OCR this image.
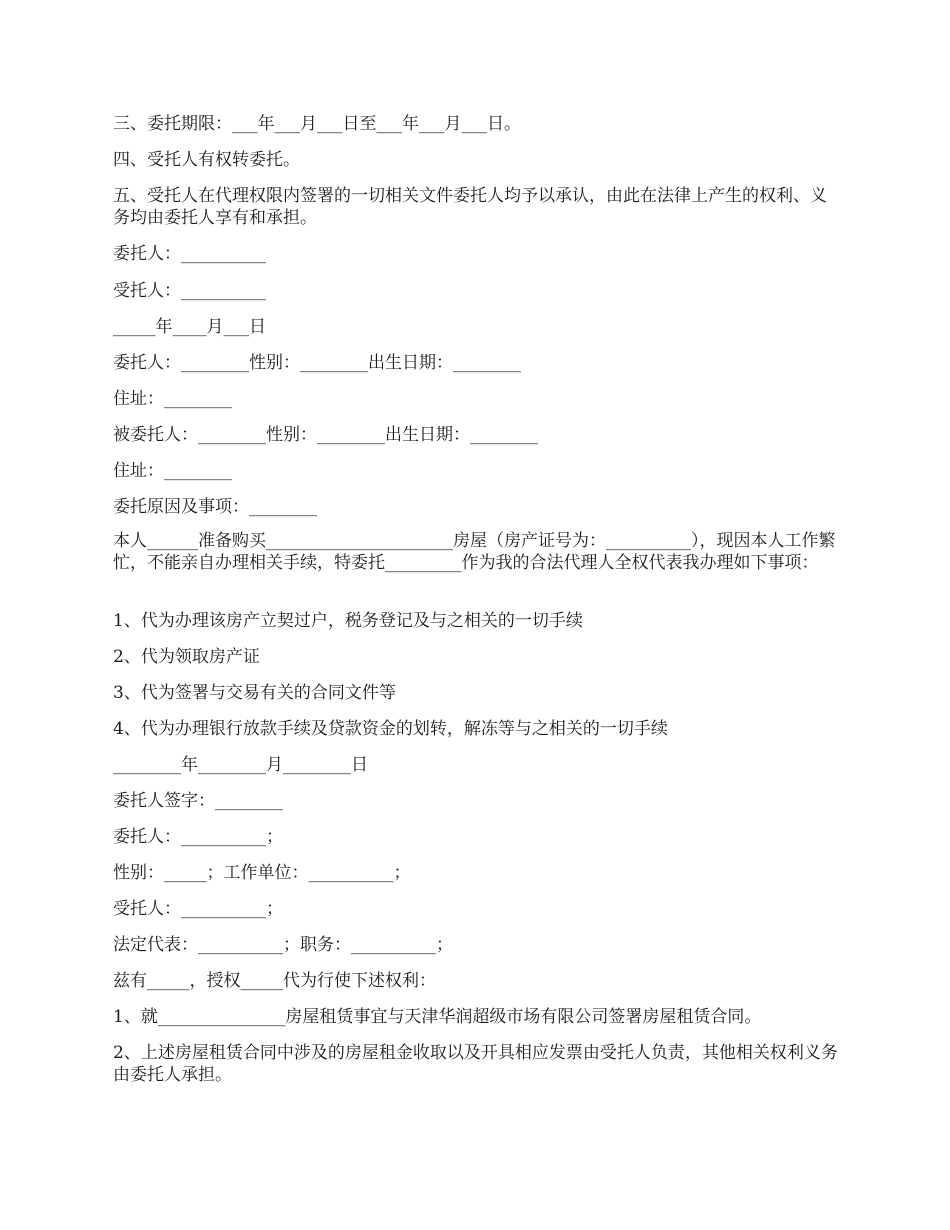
三、委托期限：___年___月___日至___年___月___日。

四、受托人有权转委托。

五、受托人在代理权限内签署的一切相关文件委托人均予以承认，由此在法律上产生的权利、义务均由委托人享有和承担。

委托人：__________

受托人：__________

_____年____月___日

委托人：________性别：________出生日期：________

住址：________

被委托人：________性别：________出生日期：________

住址：________

委托原因及事项：________

本人______准备购买______________________房屋（房产证号为：__________），现因本人工作繁忙，不能亲自办理相关手续，特委托_________作为我的合法代理人全权代表我办理如下事项：

1、代为办理该房产立契过户，税务登记及与之相关的一切手续

2、代为领取房产证

3、代为签署与交易有关的合同文件等

4、代为办理银行放款手续及贷款资金的划转，解冻等与之相关的一切手续

________年________月________日

委托人签字：________

委托人：__________；

性别：_____；工作单位：__________；

受托人：__________；

法定代表：__________；职务：__________；

兹有_____，授权_____代为行使下述权利：

1、就_______________房屋租赁事宜与天津华润超级市场有限公司签署房屋租赁合同。

2、上述房屋租赁合同中涉及的房屋租金收取以及开具相应发票由受托人负责，其他相关权利义务由委托人承担。
